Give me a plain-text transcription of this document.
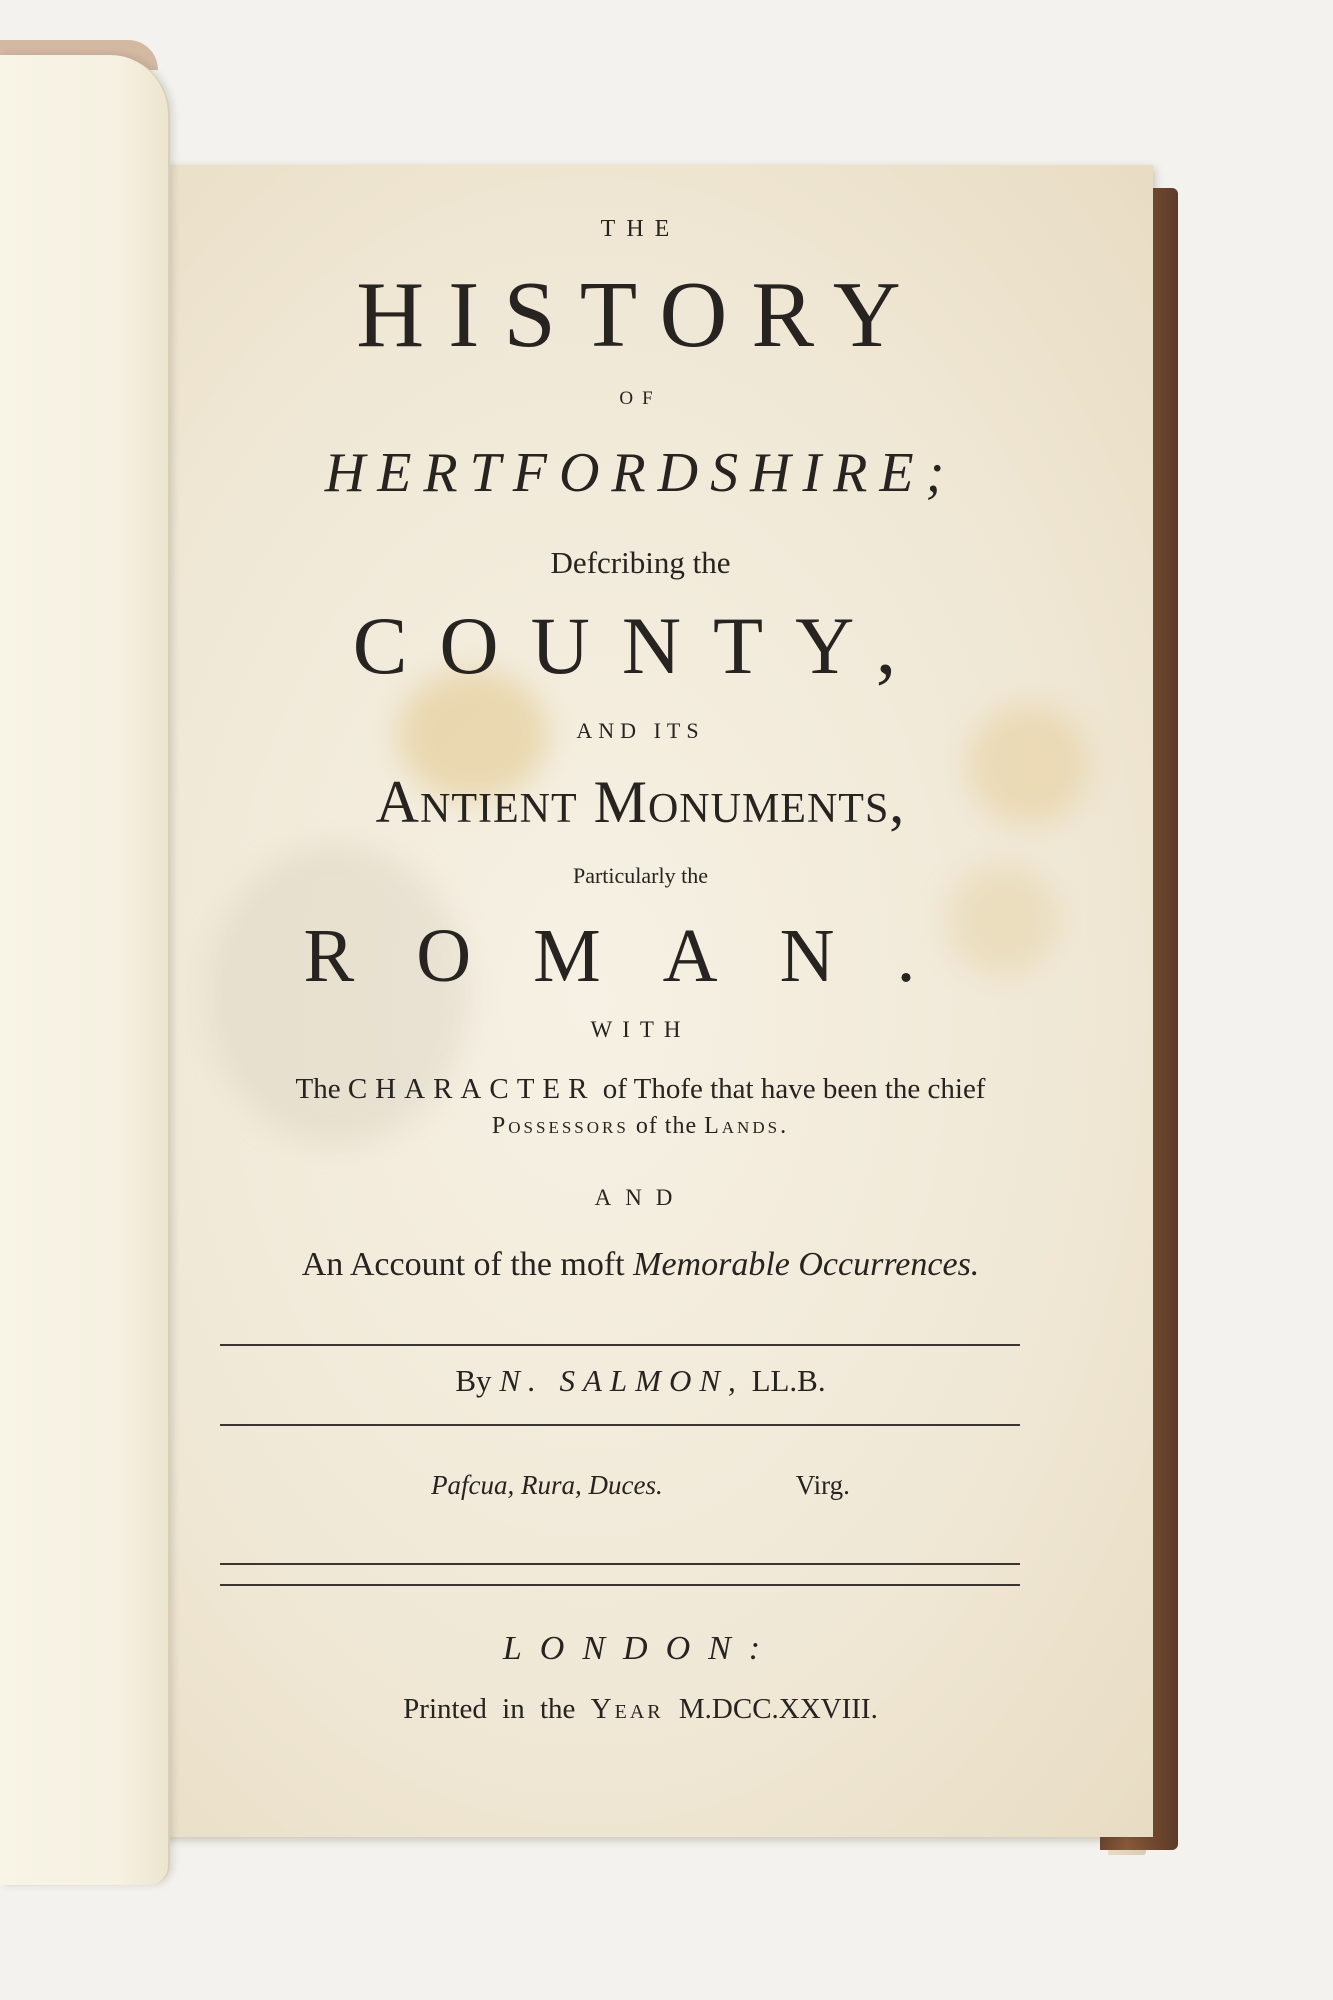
THE
HISTORY
OF
HERTFORDSHIRE;
Defcribing the
COUNTY,
AND ITS
Antient Monuments,
Particularly the
ROMAN.
WITH
The CHARACTER of Thofe that have been the chief
Possessors of the Lands.
AND
An Account of the moft Memorable Occurrences.
By N. SALMON, LL.B.
Pafcua, Rura, Duces.	Virg.
LONDON:
Printed in the Year M.DCC.XXVIII.
